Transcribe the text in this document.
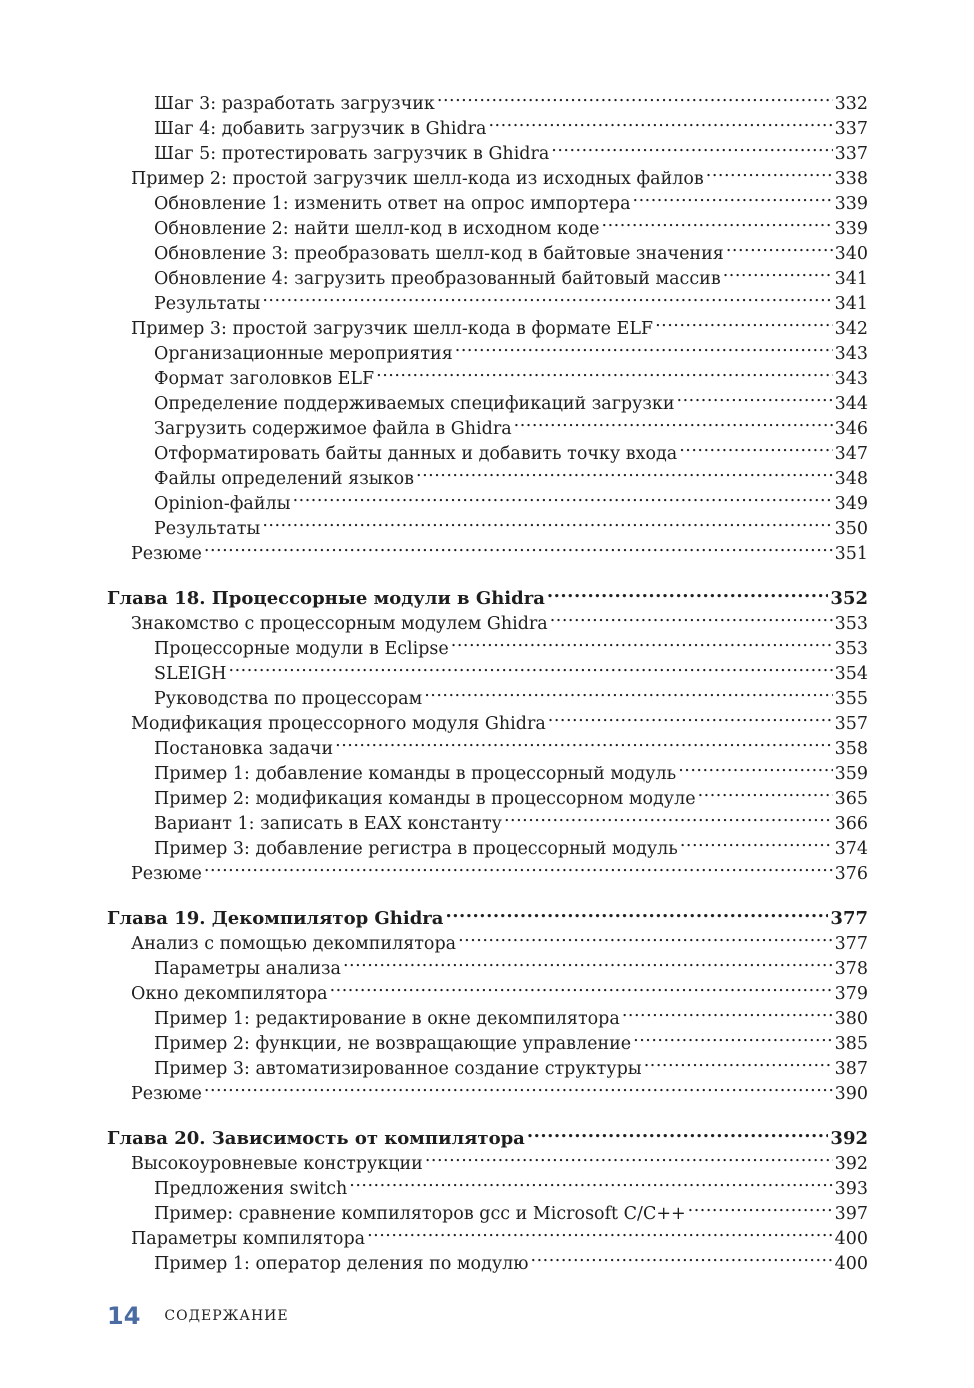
Шаг 3: разработать загрузчик .....	332
Шаг 4: добавить загрузчик в Ghidra .....	337
Шаг 5: протестировать загрузчик в Ghidra .....	337
Пример 2: простой загрузчик шелл-кода из исходных файлов .....	338
Обновление 1: изменить ответ на опрос импортера .....	339
Обновление 2: найти шелл-код в исходном коде .....	339
Обновление 3: преобразовать шелл-код в байтовые значения .....	340
Обновление 4: загрузить преобразованный байтовый массив .....	341
Результаты .....	341
Пример 3: простой загрузчик шелл-кода в формате ELF .....	342
Организационные мероприятия .....	343
Формат заголовков ELF .....	343
Определение поддерживаемых спецификаций загрузки .....	344
Загрузить содержимое файла в Ghidra .....	346
Отформатировать байты данных и добавить точку входа .....	347
Файлы определений языков .....	348
Opinion-файлы .....	349
Результаты .....	350
Резюме .....	351
Глава 18. Процессорные модули в Ghidra .....	352
Знакомство с процессорным модулем Ghidra .....	353
Процессорные модули в Eclipse .....	353
SLEIGH .....	354
Руководства по процессорам .....	355
Модификация процессорного модуля Ghidra .....	357
Постановка задачи .....	358
Пример 1: добавление команды в процессорный модуль .....	359
Пример 2: модификация команды в процессорном модуле .....	365
Вариант 1: записать в EAX константу .....	366
Пример 3: добавление регистра в процессорный модуль .....	374
Резюме .....	376
Глава 19. Декомпилятор Ghidra .....	377
Анализ с помощью декомпилятора .....	377
Параметры анализа .....	378
Окно декомпилятора .....	379
Пример 1: редактирование в окне декомпилятора .....	380
Пример 2: функции, не возвращающие управление .....	385
Пример 3: автоматизированное создание структуры .....	387
Резюме .....	390
Глава 20. Зависимость от компилятора .....	392
Высокоуровневые конструкции .....	392
Предложения switch .....	393
Пример: сравнение компиляторов gcc и Microsoft C/C++ .....	397
Параметры компилятора .....	400
Пример 1: оператор деления по модулю .....	400
14 СОДЕРЖАНИЕ
